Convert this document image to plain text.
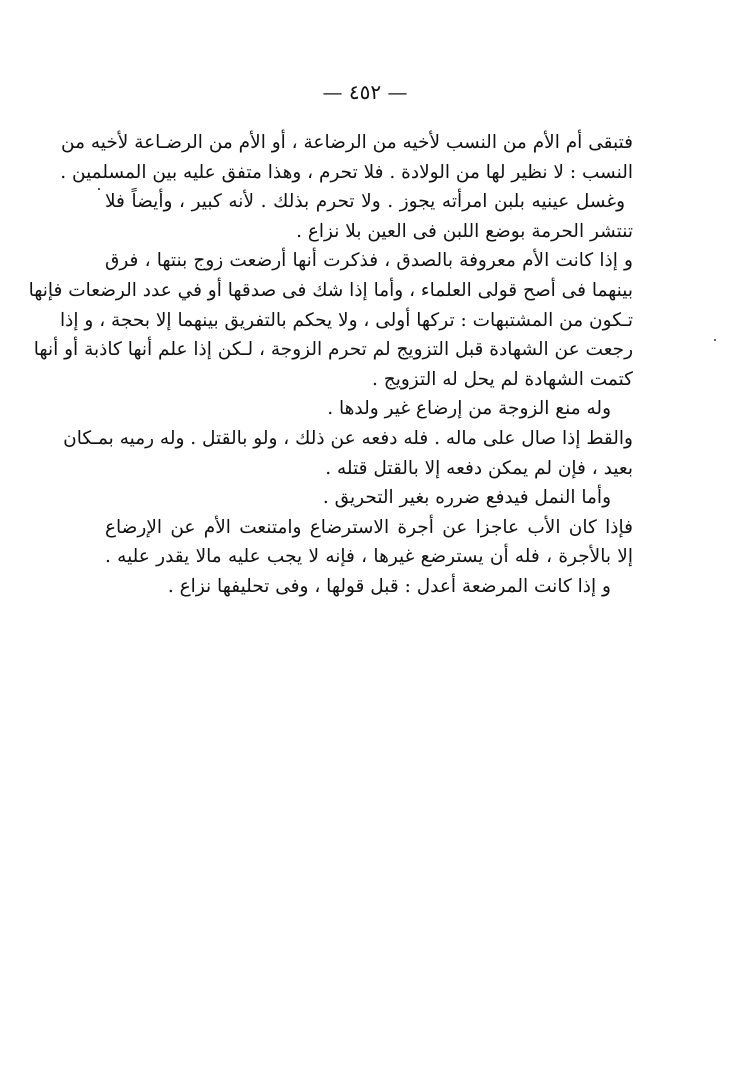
— ٤٥٢ —
فتبقى أم الأم من النسب لأخيه من الرضاعة ، أو الأم من الرضـاعة لأخيه من
النسب : لا نظير لها من الولادة . فلا تحرم ، وهذا متفق عليه بين المسلمين .
وغسل عينيه بلبن امرأته يجوز . ولا تحرم بذلك . لأنه كبير ، وأيضاً فلا
تنتشر الحرمة بوضع اللبن فى العين بلا نزاع .
و إذا كانت الأم معروفة بالصدق ، فذكرت أنها أرضعت زوج بنتها ، فرق
بينهما فى أصح قولى العلماء ، وأما إذا شك فى صدقها أو في عدد الرضعات فإنها
تـكون من المشتبهات : تركها أولى ، ولا يحكم بالتفريق بينهما إلا بحجة ، و إذا
رجعت عن الشهادة قبل التزويج لم تحرم الزوجة ، لـكن إذا علم أنها كاذبة أو أنها
كتمت الشهادة لم يحل له التزويج .
وله منع الزوجة من إرضاع غير ولدها .
والقط إذا صال على ماله . فله دفعه عن ذلك ، ولو بالقتل . وله رميه بمـكان
بعيد ، فإن لم يمكن دفعه إلا بالقتل قتله .
وأما النمل فيدفع ضرره بغير التحريق .
فإذا كان الأب عاجزا عن أجرة الاسترضاع وامتنعت الأم عن الإرضاع
إلا بالأجرة ، فله أن يسترضع غيرها ، فإنه لا يجب عليه مالا يقدر عليه .
و إذا كانت المرضعة أعدل : قبل قولها ، وفى تحليفها نزاع .
